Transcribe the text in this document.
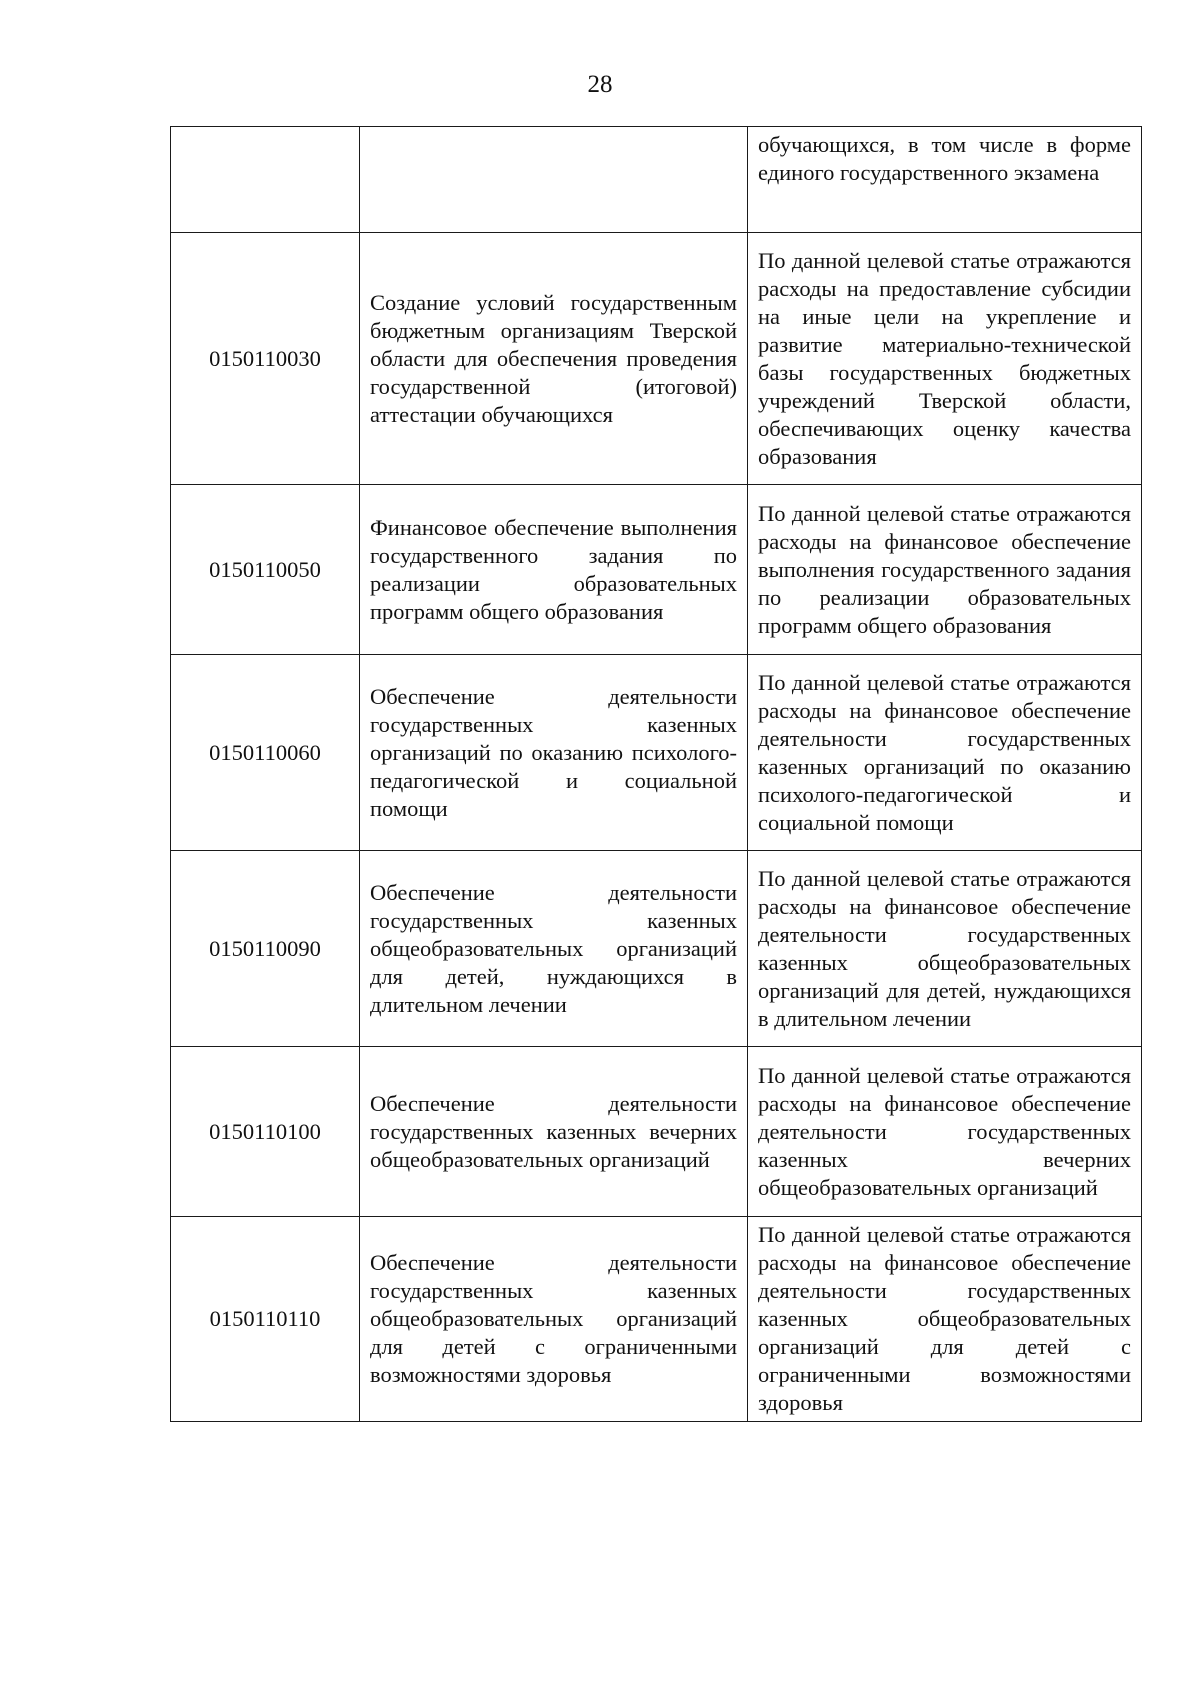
28
		обучающихся, в том числе в форме единого государственного экзамена
0150110030	Создание условий государственным бюджетным организациям Тверской области для обеспечения проведения государственной (итоговой) аттестации обучающихся	По данной целевой статье отражаются расходы на предоставление субсидии на иные цели на укрепление и развитие материально-технической базы государственных бюджетных учреждений Тверской области, обеспечивающих оценку качества образования
0150110050	Финансовое обеспечение выполнения государственного задания по реализации образовательных программ общего образования	По данной целевой статье отражаются расходы на финансовое обеспечение выполнения государственного задания по реализации образовательных программ общего образования
0150110060	Обеспечение деятельности государственных казенных организаций по оказанию психолого-педагогической и социальной помощи	По данной целевой статье отражаются расходы на финансовое обеспечение деятельности государственных казенных организаций по оказанию психолого-педагогической и социальной помощи
0150110090	Обеспечение деятельности государственных казенных общеобразовательных организаций для детей, нуждающихся в длительном лечении	По данной целевой статье отражаются расходы на финансовое обеспечение деятельности государственных казенных общеобразовательных организаций для детей, нуждающихся в длительном лечении
0150110100	Обеспечение деятельности государственных казенных вечерних общеобразовательных организаций	По данной целевой статье отражаются расходы на финансовое обеспечение деятельности государственных казенных вечерних общеобразовательных организаций
0150110110	Обеспечение деятельности государственных казенных общеобразовательных организаций для детей с ограниченными возможностями здоровья	По данной целевой статье отражаются расходы на финансовое обеспечение деятельности государственных казенных общеобразовательных организаций для детей с ограниченными возможностями здоровья
